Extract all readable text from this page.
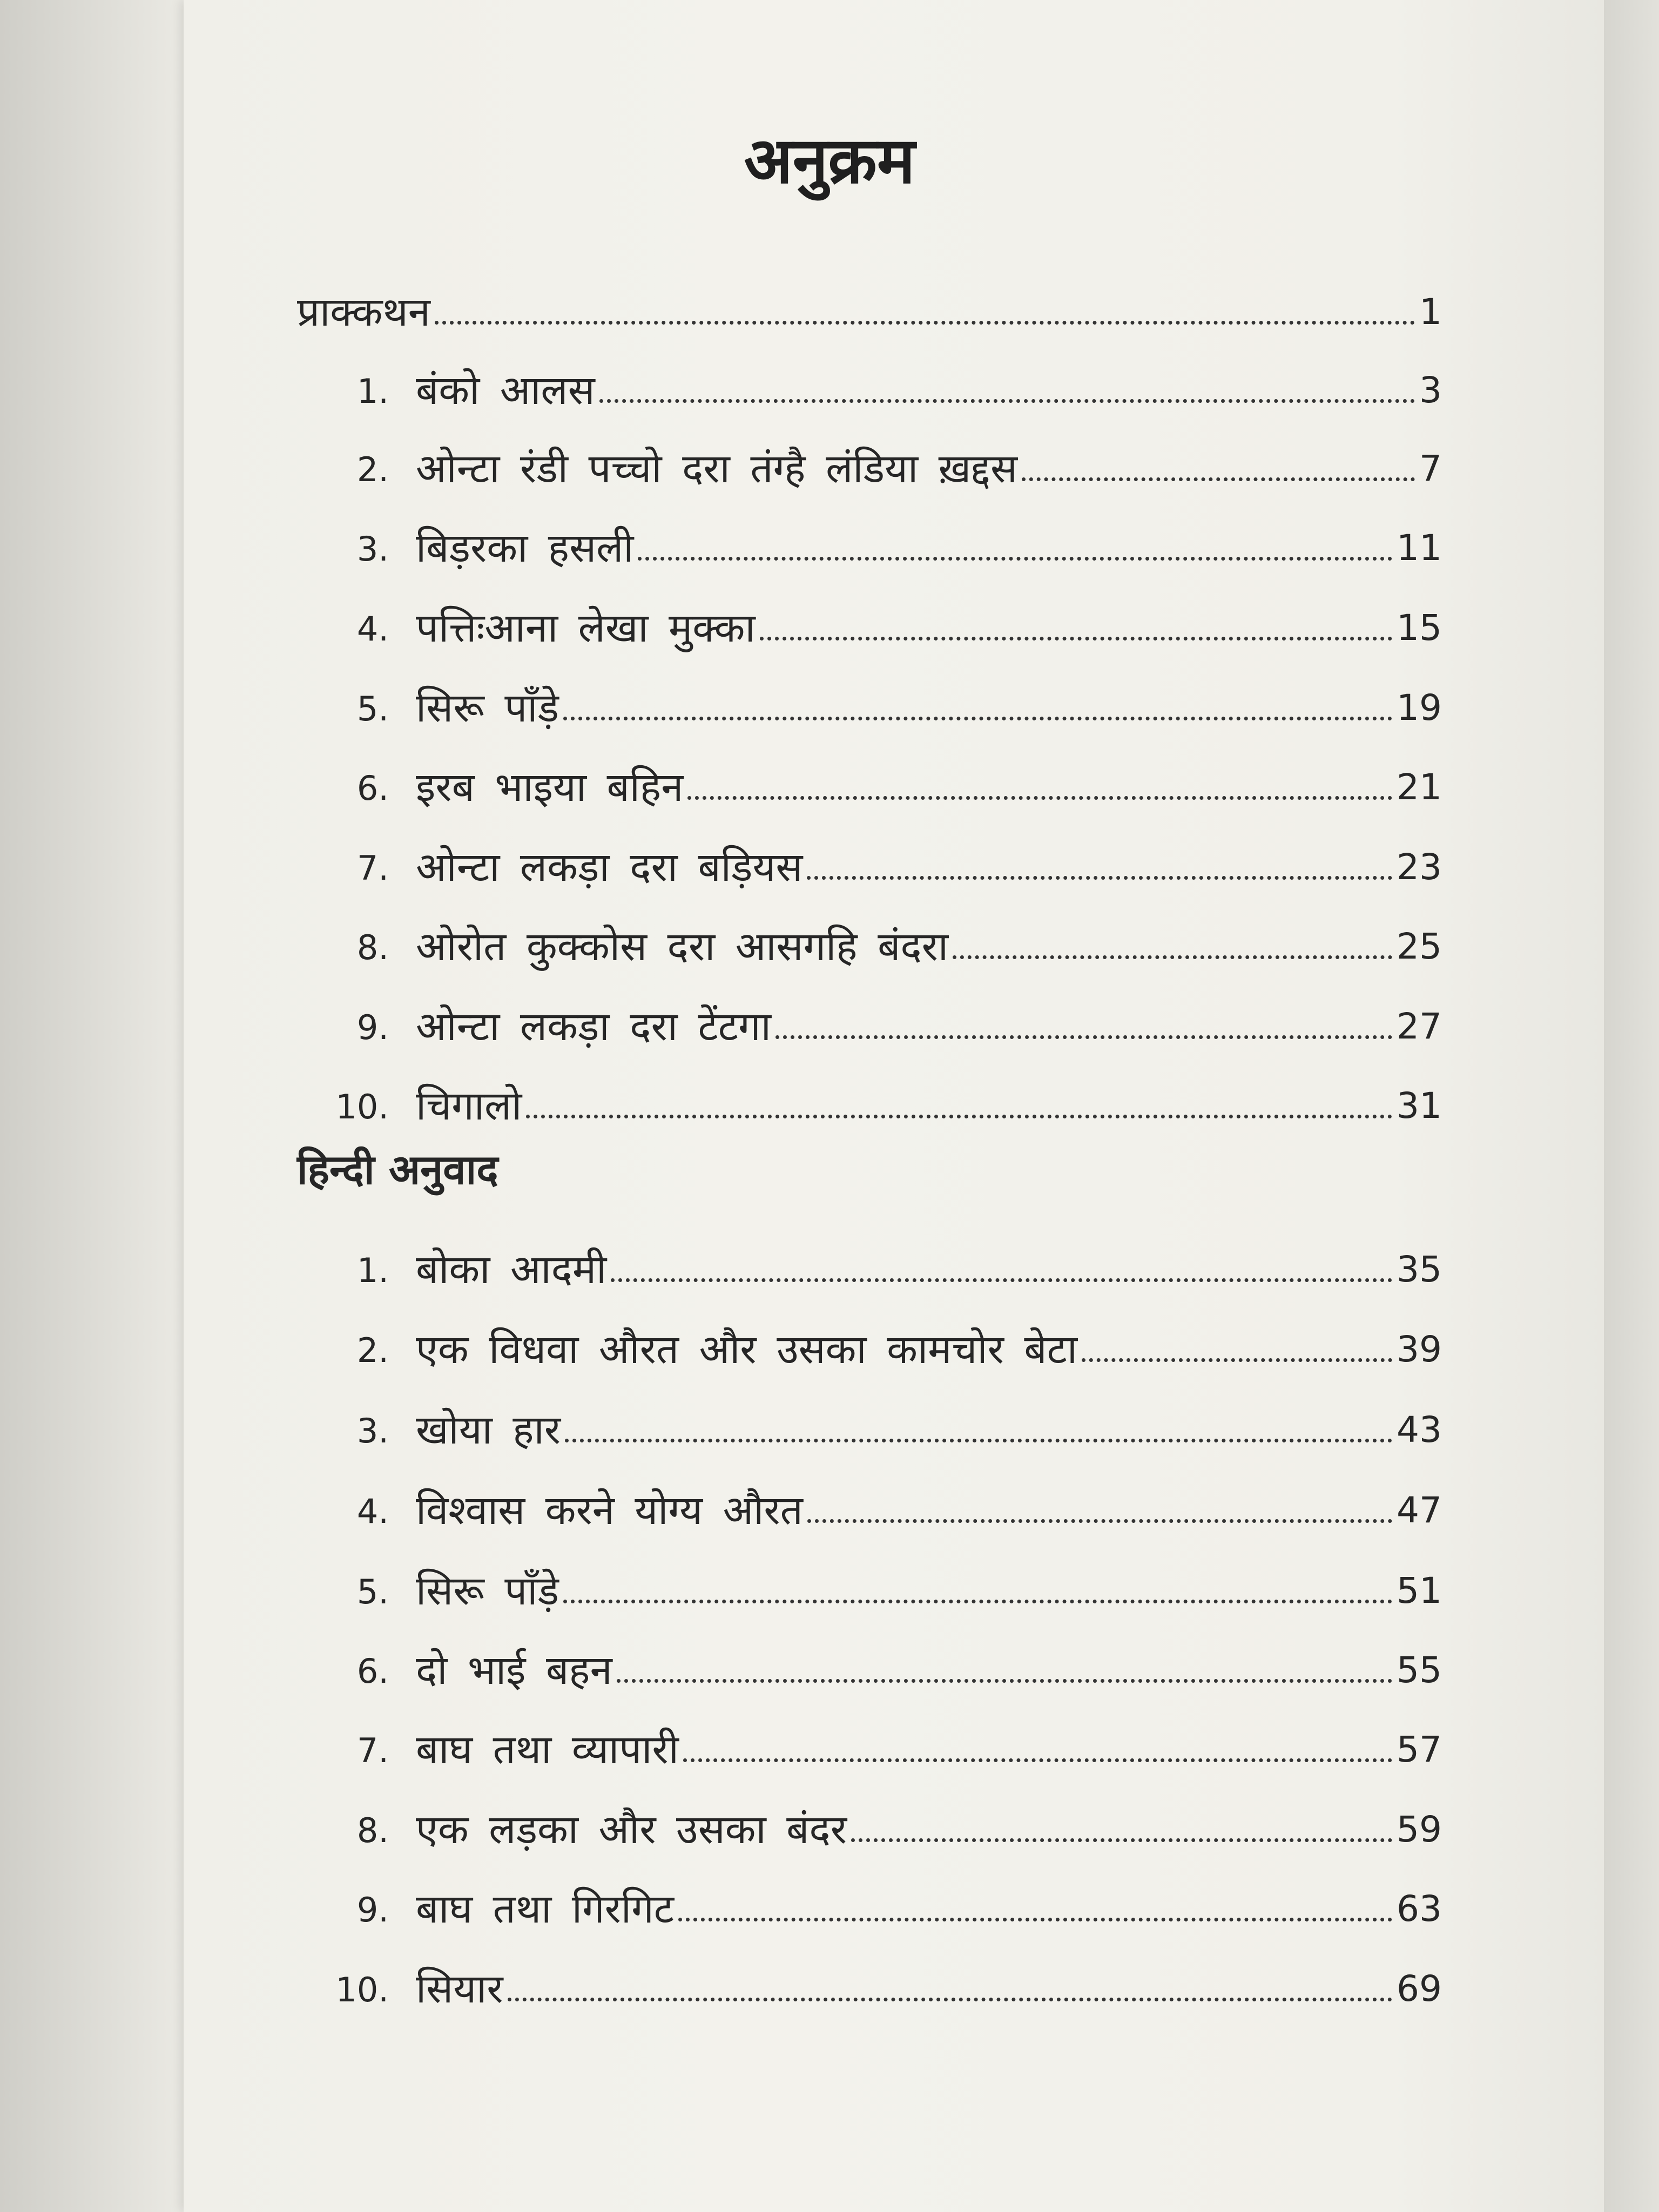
अनुक्रम
प्राक्कथन	1
1. बंको आलस	3
2. ओन्टा रंडी पच्चो दरा तंग्है लंडिया ख़द्दस	7
3. बिड़रका हसली	11
4. पत्तिःआना लेखा मुक्का	15
5. सिरू पाँड़े	19
6. इरब भाइया बहिन	21
7. ओन्टा लकड़ा दरा बड़ियस	23
8. ओरोत कुक्कोस दरा आसगहि बंदरा	25
9. ओन्टा लकड़ा दरा टेंटगा	27
10. चिगालो	31
हिन्दी अनुवाद
1. बोका आदमी	35
2. एक विधवा औरत और उसका कामचोर बेटा	39
3. खोया हार	43
4. विश्वास करने योग्य औरत	47
5. सिरू पाँड़े	51
6. दो भाई बहन	55
7. बाघ तथा व्यापारी	57
8. एक लड़का और उसका बंदर	59
9. बाघ तथा गिरगिट	63
10. सियार	69
